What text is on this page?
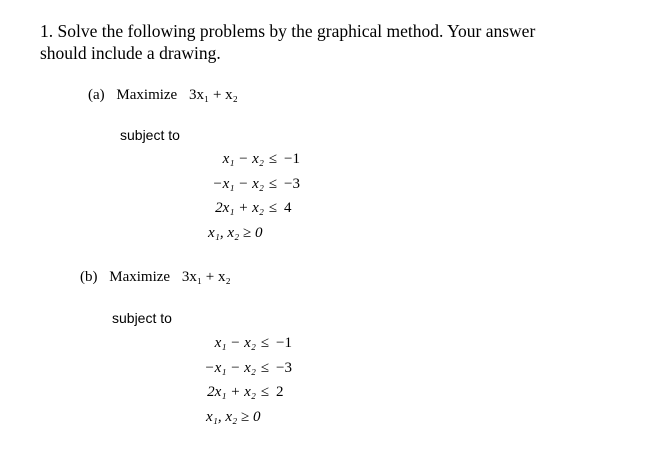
1. Solve the following problems by the graphical method. Your answer
should include a drawing.
(a) Maximize 3x₁ + x₂
subject to
x₁ − x₂ ≤ −1
−x₁ − x₂ ≤ −3
2x₁ + x₂ ≤ 4
x₁, x₂ ≥ 0
(b) Maximize 3x₁ + x₂
subject to
x₁ − x₂ ≤ −1
−x₁ − x₂ ≤ −3
2x₁ + x₂ ≤ 2
x₁, x₂ ≥ 0
